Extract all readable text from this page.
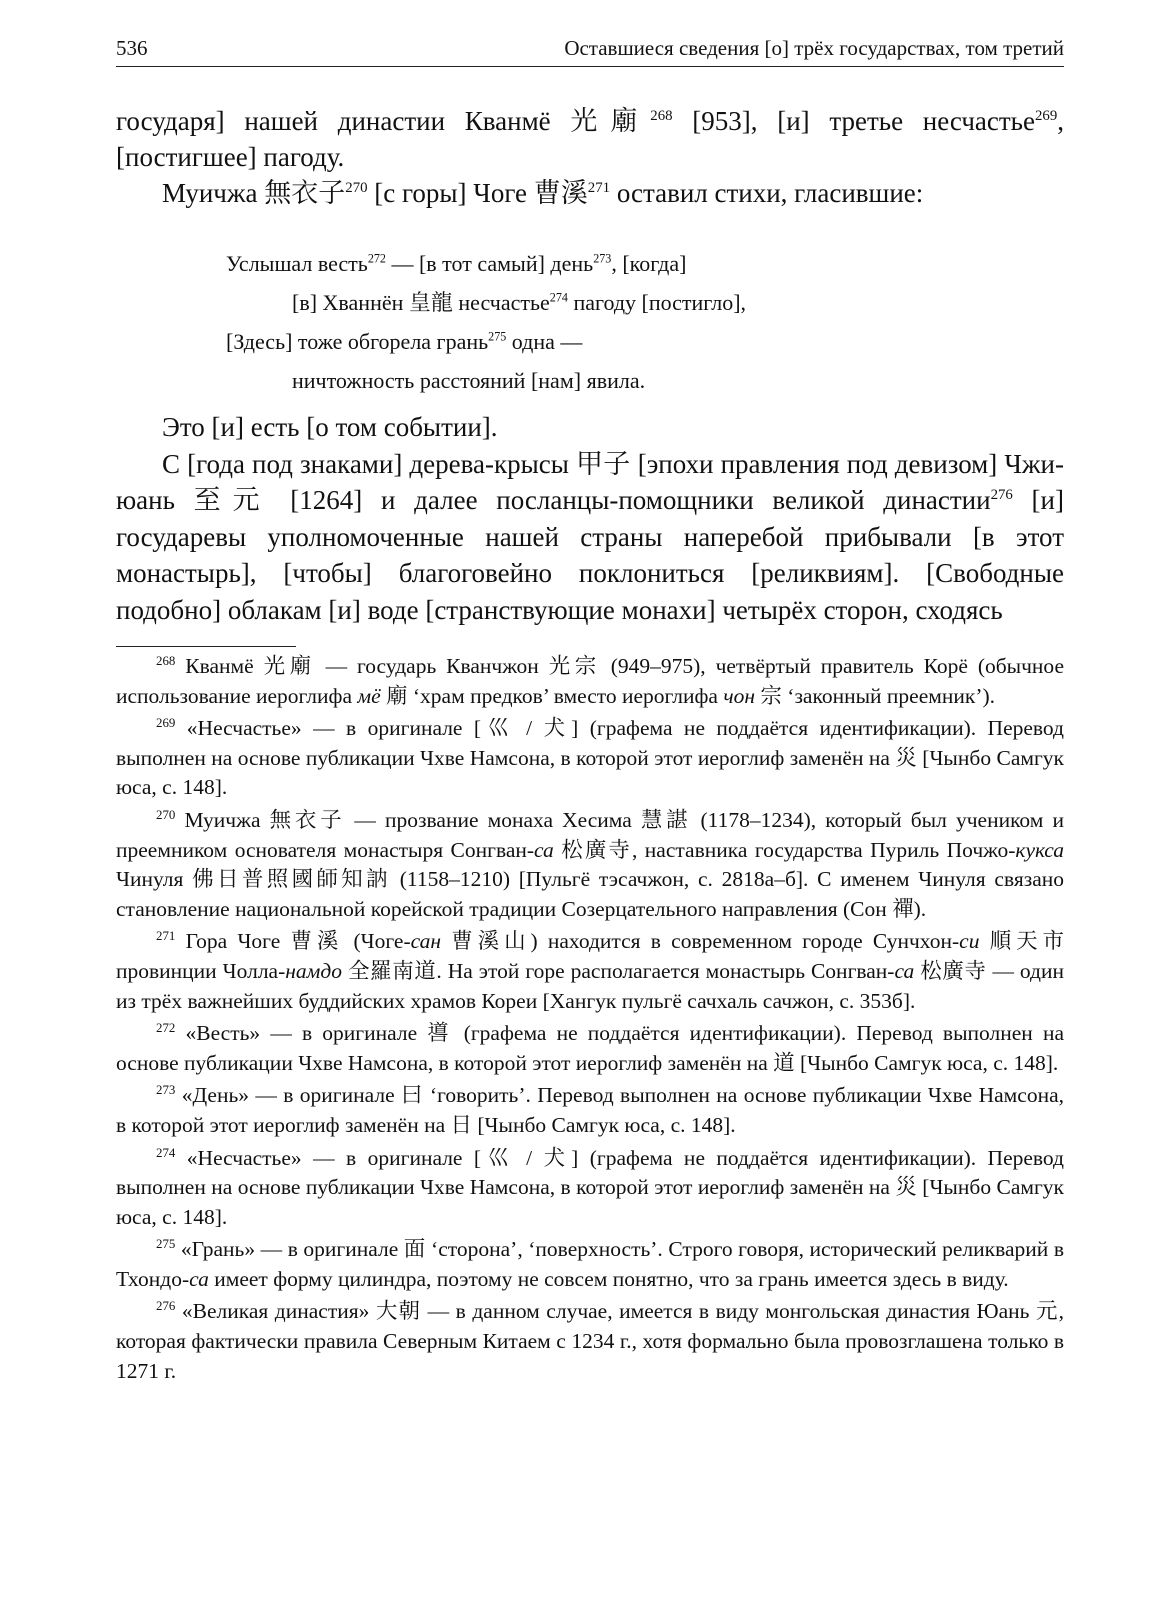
536	Оставшиеся сведения [о] трёх государствах, том третий

государя] нашей династии Кванмё 光廟$^{268}$ [953], [и] третье несчастье$^{269}$, [постигшее] пагоду.

Муичжа 無衣子$^{270}$ [с горы] Чоге 曹溪$^{271}$ оставил стихи, гласившие:

Услышал весть$^{272}$ — [в тот самый] день$^{273}$, [когда]
[в] Хваннён 皇龍 несчастье$^{274}$ пагоду [постигло],
[Здесь] тоже обгорела грань$^{275}$ одна —
ничтожность расстояний [нам] явила.

Это [и] есть [о том событии].

С [года под знаками] дерева-крысы 甲子 [эпохи правления под девизом] Чжи-юань 至元 [1264] и далее посланцы-помощники великой династии$^{276}$ [и] государевы уполномоченные нашей страны наперебой прибывали [в этот монастырь], [чтобы] благоговейно поклониться [реликвиям]. [Свободные подобно] облакам [и] воде [странствующие монахи] четырёх сторон, сходясь

$^{268}$ Кванмё 光廟 — государь Кванчжон 光宗 (949–975), четвёртый правитель Корё (обычное использование иероглифа мё 廟 ‘храм предков’ вместо иероглифа чон 宗 ‘законный преемник’).

$^{269}$ «Несчастье» — в оригинале [巛 / 犬] (графема не поддаётся идентификации). Перевод выполнен на основе публикации Чхве Намсона, в которой этот иероглиф заменён на 災 [Чынбо Самгук юса, с. 148].

$^{270}$ Муичжа 無衣子 — прозвание монаха Хесима 慧諶 (1178–1234), который был учеником и преемником основателя монастыря Сонгван-са 松廣寺, наставника государства Пуриль Почжо-кукса Чинуля 佛日普照國師知訥 (1158–1210) [Пульгё тэсачжон, с. 2818а–б]. С именем Чинуля связано становление национальной корейской традиции Созерцательного направления (Сон 禪).

$^{271}$ Гора Чоге 曹溪 (Чоге-сан 曹溪山) находится в современном городе Сунчхон-си 順天市 провинции Чолла-намдо 全羅南道. На этой горе располагается монастырь Сонгван-са 松廣寺 — один из трёх важнейших буддийских храмов Кореи [Хангук пульгё сачхаль сачжон, с. 353б].

$^{272}$ «Весть» — в оригинале 噵 (графема не поддаётся идентификации). Перевод выполнен на основе публикации Чхве Намсона, в которой этот иероглиф заменён на 道 [Чынбо Самгук юса, с. 148].

$^{273}$ «День» — в оригинале 曰 ‘говорить’. Перевод выполнен на основе публикации Чхве Намсона, в которой этот иероглиф заменён на 日 [Чынбо Самгук юса, с. 148].

$^{274}$ «Несчастье» — в оригинале [巛 / 犬] (графема не поддаётся идентификации). Перевод выполнен на основе публикации Чхве Намсона, в которой этот иероглиф заменён на 災 [Чынбо Самгук юса, с. 148].

$^{275}$ «Грань» — в оригинале 面 ‘сторона’, ‘поверхность’. Строго говоря, исторический реликварий в Тхондо-са имеет форму цилиндра, поэтому не совсем понятно, что за грань имеется здесь в виду.

$^{276}$ «Великая династия» 大朝 — в данном случае, имеется в виду монгольская династия Юань 元, которая фактически правила Северным Китаем с 1234 г., хотя формально была провозглашена только в 1271 г.
